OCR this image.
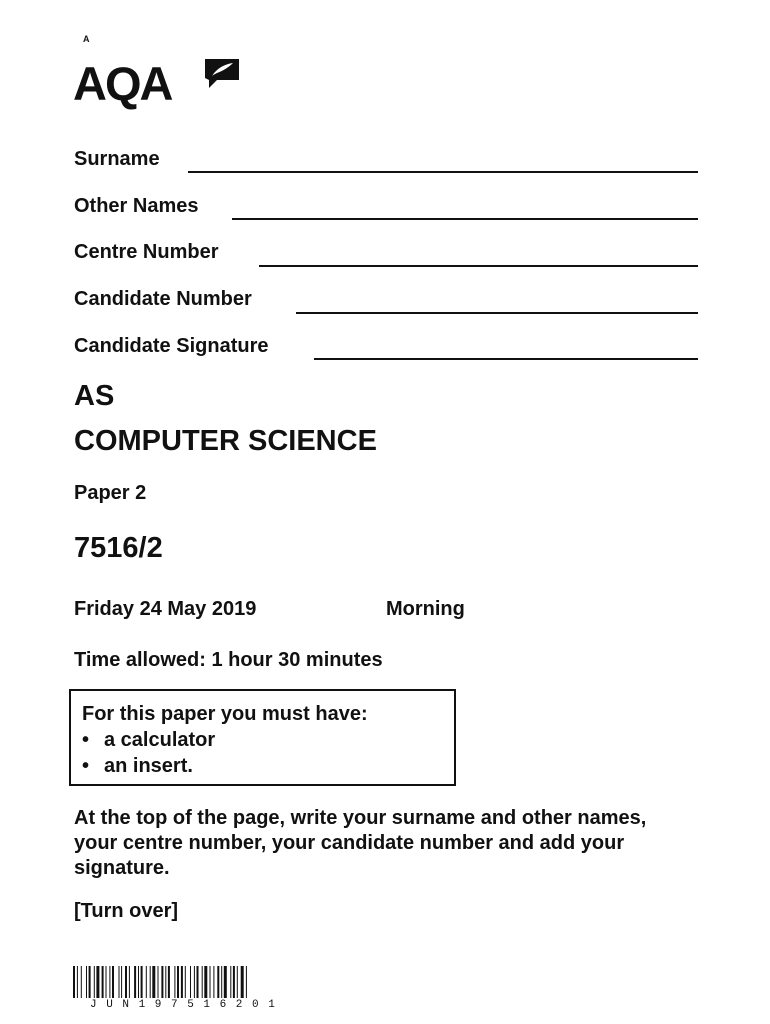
A
AQA
Surname
Other Names
Centre Number
Candidate Number
Candidate Signature
AS
COMPUTER SCIENCE
Paper 2
7516/2
Friday 24 May 2019	Morning
Time allowed: 1 hour 30 minutes
For this paper you must have:
• a calculator
• an insert.
At the top of the page, write your surname and other names, your centre number, your candidate number and add your signature.
[Turn over]
JUN197516201
